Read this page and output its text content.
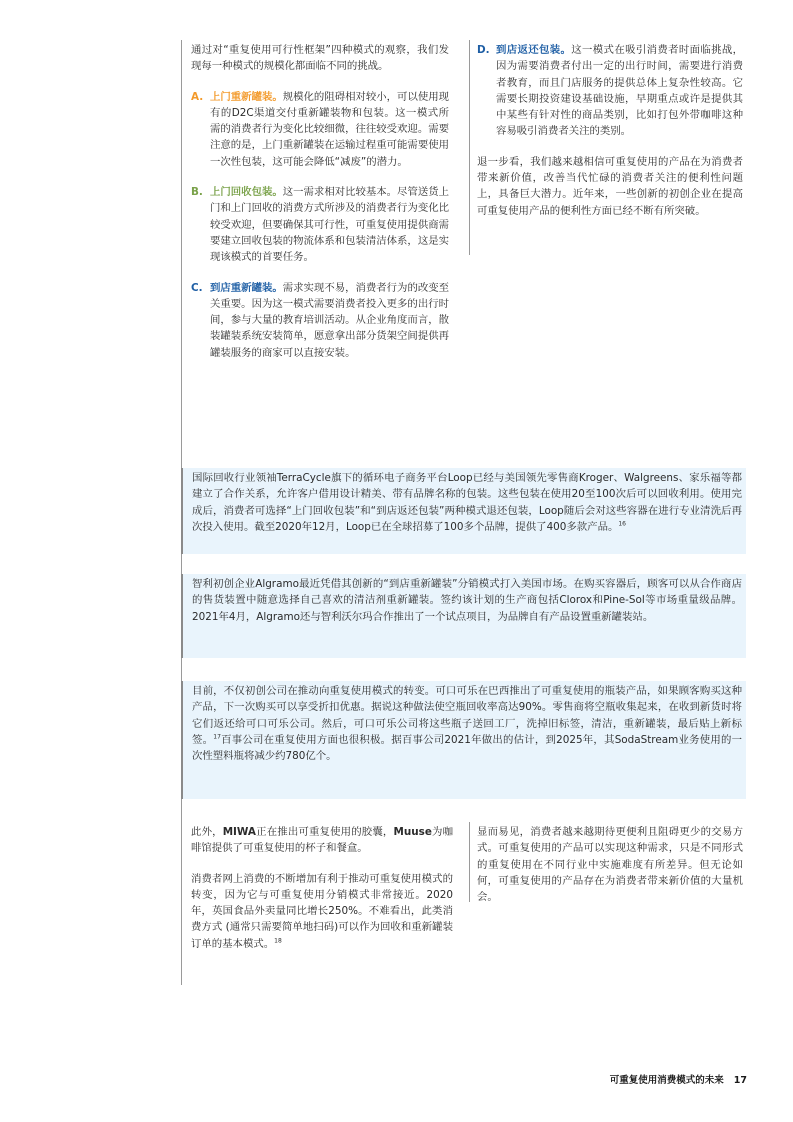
通过对“重复使用可行性框架”四种模式的观察，我们发现每一种模式的规模化都面临不同的挑战。

A. 上门重新罐装。规模化的阻碍相对较小，可以使用现有的D2C渠道交付重新罐装物和包装。这一模式所需的消费者行为变化比较细微，往往较受欢迎。需要注意的是，上门重新罐装在运输过程重可能需要使用一次性包装，这可能会降低“减废”的潜力。

B. 上门回收包装。这一需求相对比较基本。尽管送货上门和上门回收的消费方式所涉及的消费者行为变化比较受欢迎，但要确保其可行性，可重复使用提供商需要建立回收包装的物流体系和包装清洁体系，这是实现该模式的首要任务。

C. 到店重新罐装。需求实现不易，消费者行为的改变至关重要。因为这一模式需要消费者投入更多的出行时间，参与大量的教育培训活动。从企业角度而言，散装罐装系统安装简单，愿意拿出部分货架空间提供再罐装服务的商家可以直接安装。

D. 到店返还包装。这一模式在吸引消费者时面临挑战，因为需要消费者付出一定的出行时间，需要进行消费者教育，而且门店服务的提供总体上复杂性较高。它需要长期投资建设基础设施，早期重点或许是提供其中某些有针对性的商品类别，比如打包外带咖啡这种容易吸引消费者关注的类别。

退一步看，我们越来越相信可重复使用的产品在为消费者带来新价值，改善当代忙碌的消费者关注的便利性问题上，具备巨大潜力。近年来，一些创新的初创企业在提高可重复使用产品的便利性方面已经不断有所突破。

国际回收行业领袖TerraCycle旗下的循环电子商务平台Loop已经与美国领先零售商Kroger、Walgreens、家乐福等都建立了合作关系，允许客户借用设计精美、带有品牌名称的包装。这些包装在使用20至100次后可以回收利用。使用完成后，消费者可选择“上门回收包装”和“到店返还包装”两种模式退还包装，Loop随后会对这些容器在进行专业清洗后再次投入使用。截至2020年12月，Loop已在全球招募了100多个品牌，提供了400多款产品。$^{16}$

智利初创企业Algramo最近凭借其创新的“到店重新罐装”分销模式打入美国市场。在购买容器后，顾客可以从合作商店的售货装置中随意选择自己喜欢的清洁剂重新罐装。签约该计划的生产商包括Clorox和Pine-Sol等市场重量级品牌。2021年4月，Algramo还与智利沃尔玛合作推出了一个试点项目，为品牌自有产品设置重新罐装站。

目前，不仅初创公司在推动向重复使用模式的转变。可口可乐在巴西推出了可重复使用的瓶装产品，如果顾客购买这种产品，下一次购买可以享受折扣优惠。据说这种做法使空瓶回收率高达90%。零售商将空瓶收集起来，在收到新货时将它们返还给可口可乐公司。然后，可口可乐公司将这些瓶子送回工厂，洗掉旧标签，清洁，重新罐装，最后贴上新标签。$^{17}$百事公司在重复使用方面也很积极。据百事公司2021年做出的估计，到2025年，其SodaStream业务使用的一次性塑料瓶将减少约780亿个。

此外，MIWA正在推出可重复使用的胶囊，Muuse为咖啡馆提供了可重复使用的杯子和餐盒。

消费者网上消费的不断增加有利于推动可重复使用模式的转变，因为它与可重复使用分销模式非常接近。2020年，英国食品外卖量同比增长250%。不难看出，此类消费方式 (通常只需要简单地扫码)可以作为回收和重新罐装订单的基本模式。$^{18}$

显而易见，消费者越来越期待更便利且阻碍更少的交易方式。可重复使用的产品可以实现这种需求，只是不同形式的重复使用在不同行业中实施难度有所差异。但无论如何，可重复使用的产品存在为消费者带来新价值的大量机会。

可重复使用消费模式的未来 17
